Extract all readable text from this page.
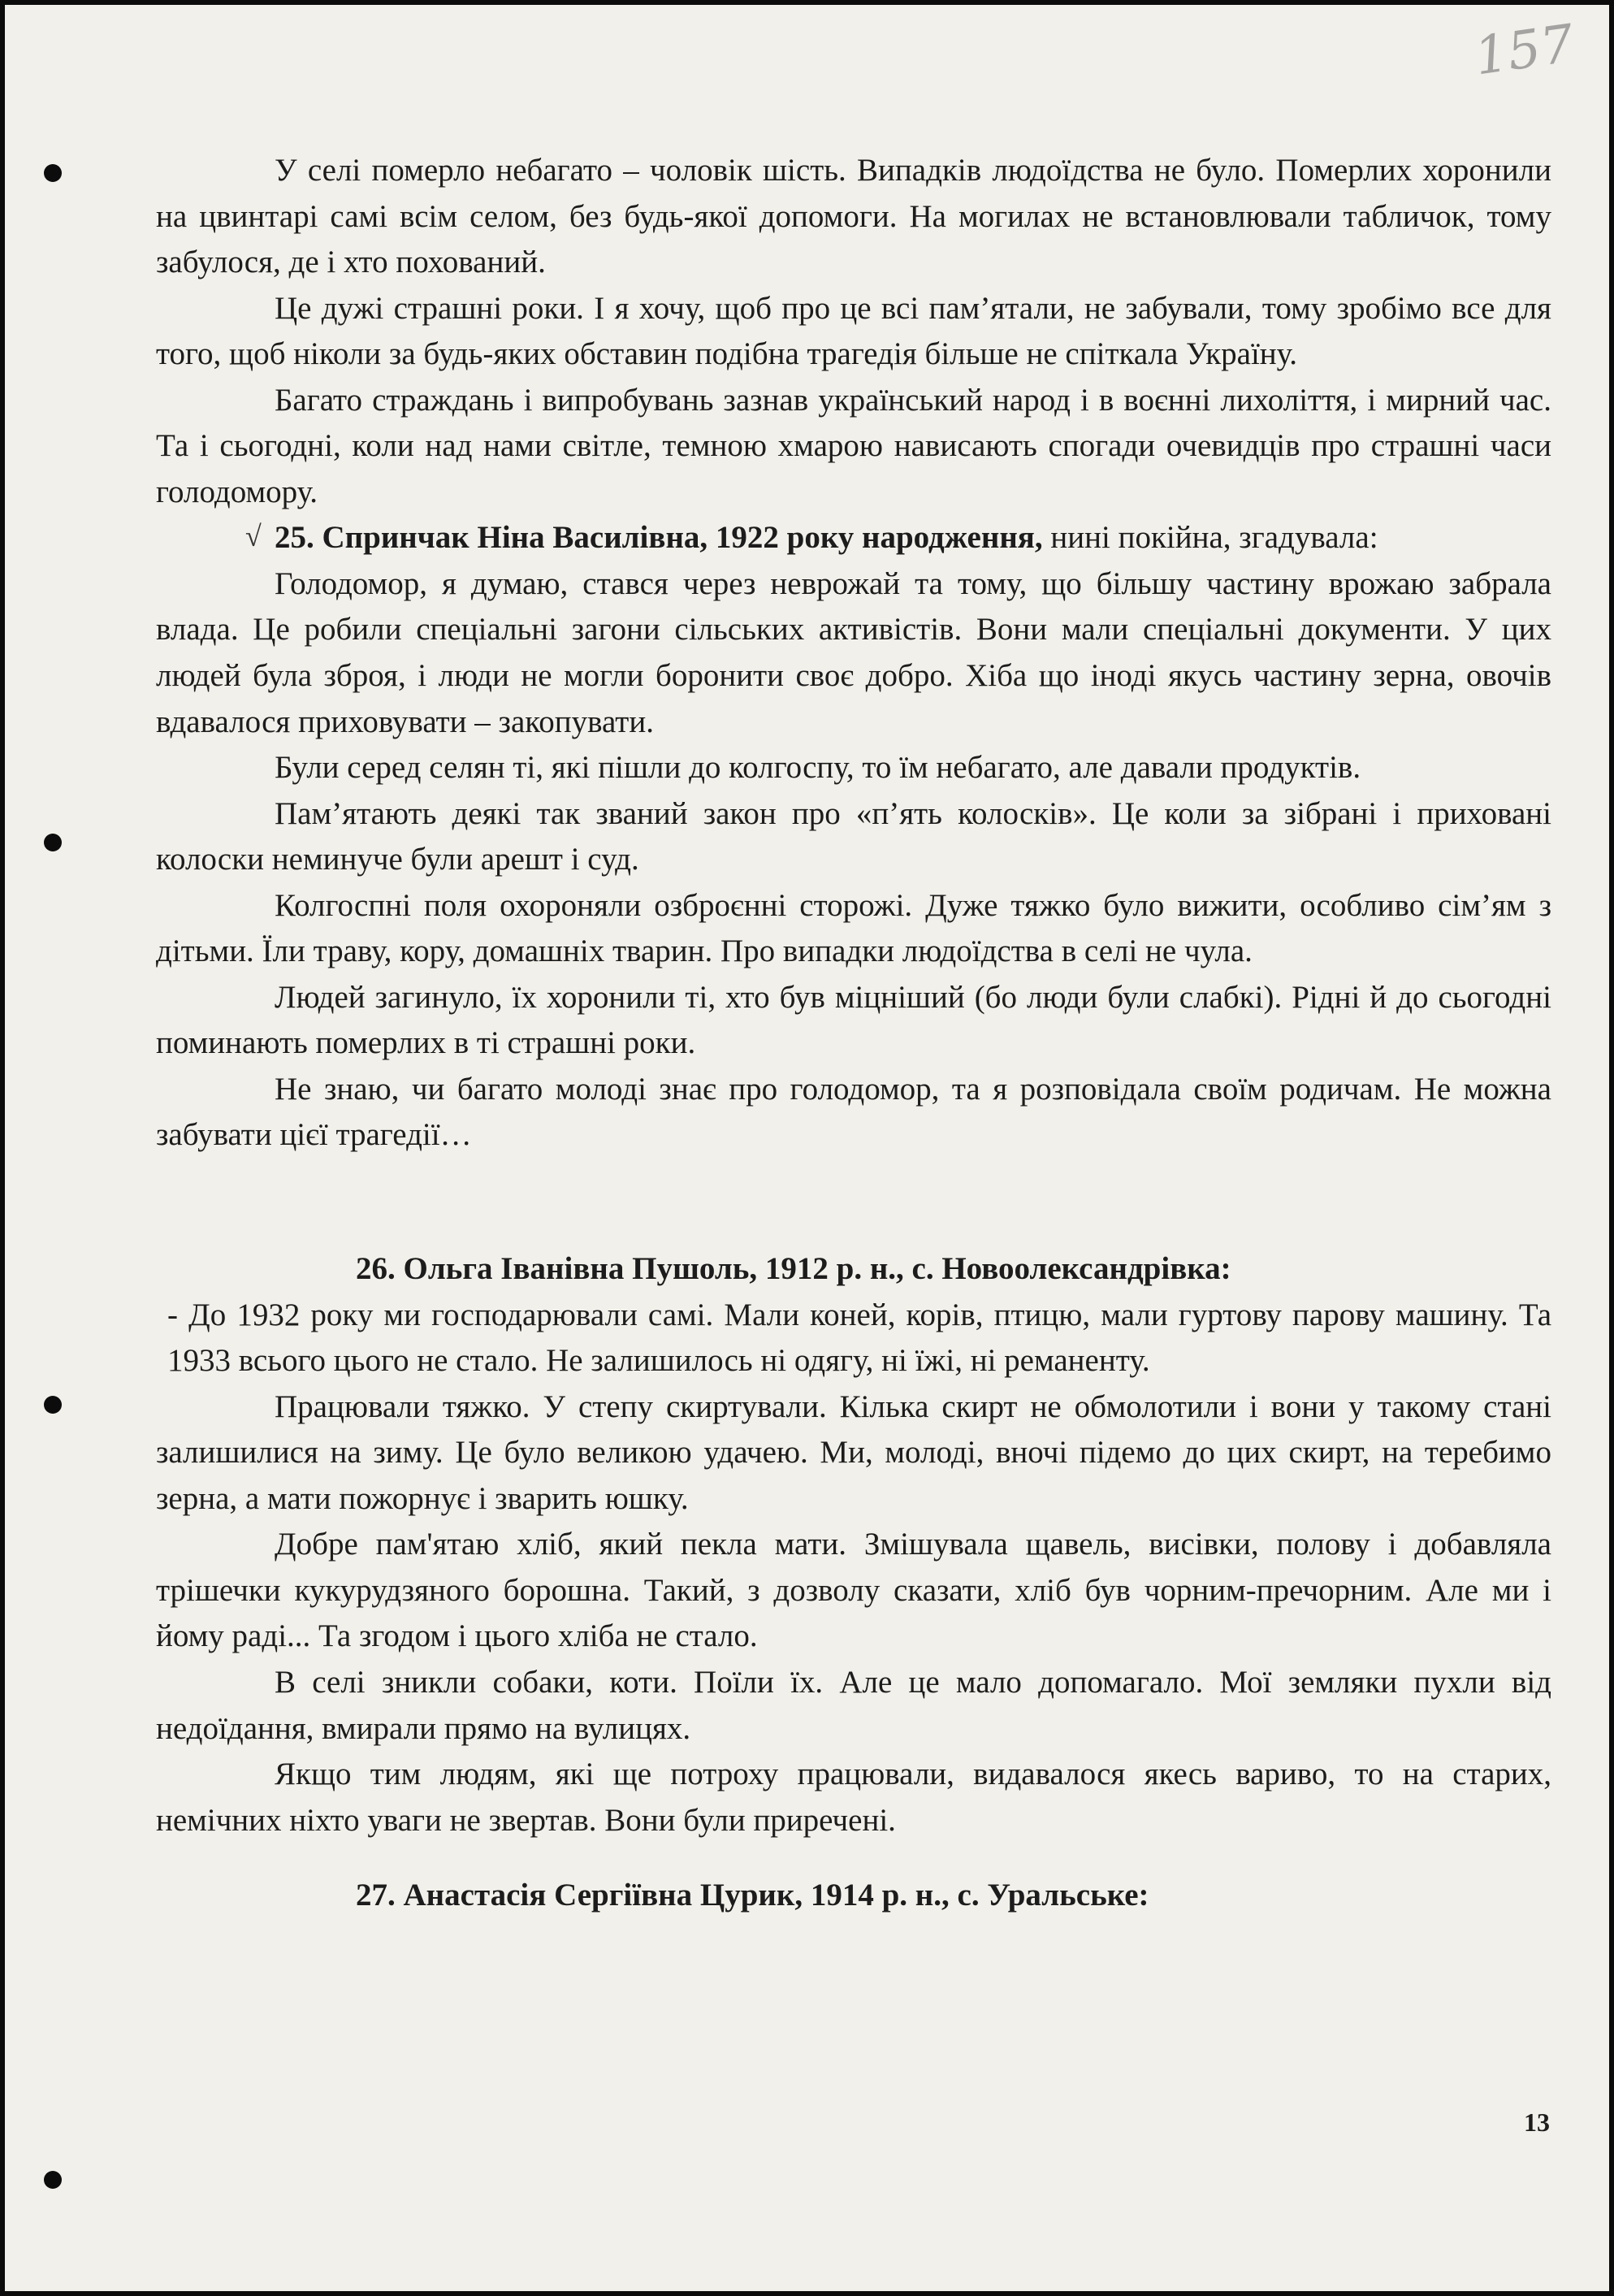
157

У селі померло небагато – чоловік шість. Випадків людоїдства не було. Померлих хоронили на цвинтарі самі всім селом, без будь-якої допомоги. На могилах не встановлювали табличок, тому забулося, де і хто похований.

Це дужі страшні роки. І я хочу, щоб про це всі пам’ятали, не забували, тому зробімо все для того, щоб ніколи за будь-яких обставин подібна трагедія більше не спіткала Україну.

Багато страждань і випробувань зазнав український народ і в воєнні лихоліття, і мирний час. Та і сьогодні, коли над нами світле, темною хмарою нависають спогади очевидців про страшні часи голодомору.

√ 25. Спринчак Ніна Василівна, 1922 року народження, нині покійна, згадувала:

Голодомор, я думаю, стався через неврожай та тому, що більшу частину врожаю забрала влада. Це робили спеціальні загони сільських активістів. Вони мали спеціальні документи. У цих людей була зброя, і люди не могли боронити своє добро. Хіба що іноді якусь частину зерна, овочів вдавалося приховувати – закопувати.

Були серед селян ті, які пішли до колгоспу, то їм небагато, але давали продуктів.

Пам’ятають деякі так званий закон про «п’ять колосків». Це коли за зібрані і приховані колоски неминуче були арешт і суд.

Колгоспні поля охороняли озброєнні сторожі. Дуже тяжко було вижити, особливо сім’ям з дітьми. Їли траву, кору, домашніх тварин. Про випадки людоїдства в селі не чула.

Людей загинуло, їх хоронили ті, хто був міцніший (бо люди були слабкі). Рідні й до сьогодні поминають померлих в ті страшні роки.

Не знаю, чи багато молоді знає про голодомор, та я розповідала своїм родичам. Не можна забувати цієї трагедії…

26. Ольга Іванівна Пушоль, 1912 р. н., с. Новоолександрівка:

- До 1932 року ми господарювали самі. Мали коней, корів, птицю, мали гуртову парову машину. Та 1933 всього цього не стало. Не залишилось ні одягу, ні їжі, ні реманенту.

Працювали тяжко. У степу скиртували. Кілька скирт не обмолотили і вони у такому стані залишилися на зиму. Це було великою удачею. Ми, молоді, вночі підемо до цих скирт, на теребимо зерна, а мати пожорнує і зварить юшку.

Добре пам'ятаю хліб, який пекла мати. Змішувала щавель, висівки, полову і добавляла трішечки кукурудзяного борошна. Такий, з дозволу сказати, хліб був чорним-пречорним. Але ми і йому раді... Та згодом і цього хліба не стало.

В селі зникли собаки, коти. Поїли їх. Але це мало допомагало. Мої земляки пухли від недоїдання, вмирали прямо на вулицях.

Якщо тим людям, які ще потроху працювали, видавалося якесь вариво, то на старих, немічних ніхто уваги не звертав. Вони були приречені.

27. Анастасія Сергіївна Цурик, 1914 р. н., с. Уральське:

13
